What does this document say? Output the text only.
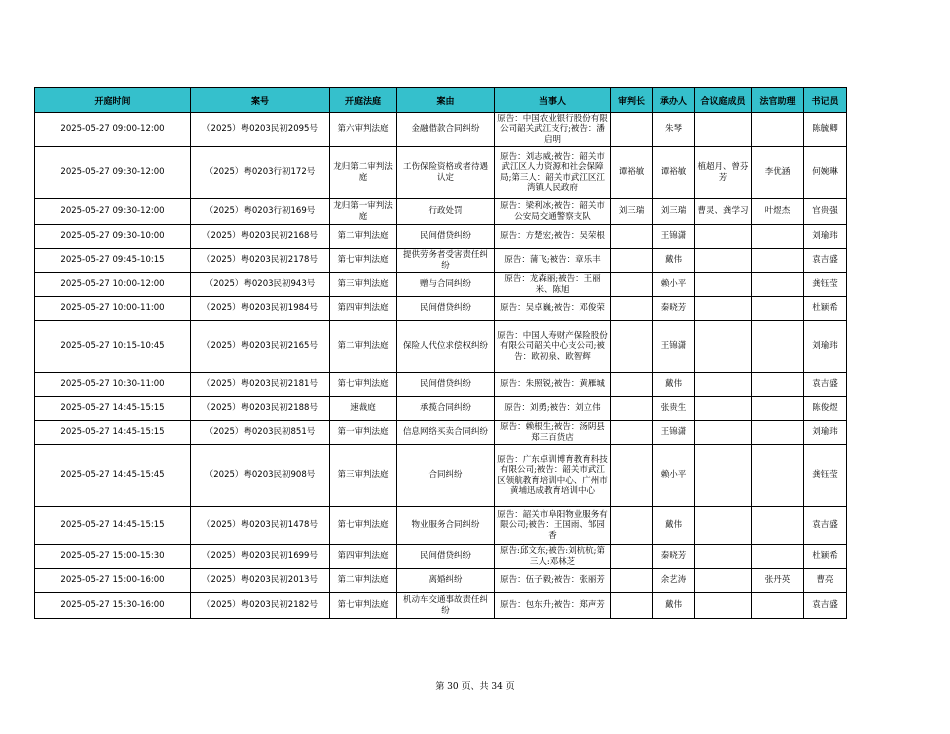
开庭时间	案号	开庭法庭	案由	当事人	审判长	承办人	合议庭成员	法官助理	书记员
2025-05-27 09:00-12:00	（2025）粤0203民初2095号	第六审判法庭	金融借款合同纠纷	原告：中国农业银行股份有限公司韶关武江支行;被告：潘启明		朱琴			陈毓卿
2025-05-27 09:30-12:00	（2025）粤0203行初172号	龙归第二审判法庭	工伤保险资格或者待遇认定	原告：刘志威;被告：韶关市武江区人力资源和社会保障局;第三人：韶关市武江区江湾镇人民政府	谭裕敏	谭裕敏	植超月、曾芬芳	李优涵	何婉琳
2025-05-27 09:30-12:00	（2025）粤0203行初169号	龙归第一审判法庭	行政处罚	原告：梁利冰;被告：韶关市公安局交通警察支队	刘三瑞	刘三瑞	曹灵、龚学习	叶煜杰	官贵强
2025-05-27 09:30-10:00	（2025）粤0203民初2168号	第二审判法庭	民间借贷纠纷	原告：方楚宏;被告：吴荣根		王锦潇			刘瑜玮
2025-05-27 09:45-10:15	（2025）粤0203民初2178号	第七审判法庭	提供劳务者受害责任纠纷	原告：蒲飞;被告：章乐丰		戴伟			袁吉盛
2025-05-27 10:00-12:00	（2025）粤0203民初943号	第三审判法庭	赠与合同纠纷	原告：龙森丽;被告：王丽米、陈旭		赖小平			龚钰莹
2025-05-27 10:00-11:00	（2025）粤0203民初1984号	第四审判法庭	民间借贷纠纷	原告：吴卓巍;被告：邓俊荣		秦晓芳			杜颖希
2025-05-27 10:15-10:45	（2025）粤0203民初2165号	第二审判法庭	保险人代位求偿权纠纷	原告：中国人寿财产保险股份有限公司韶关中心支公司;被告：欧初泉、欧智辉		王锦潇			刘瑜玮
2025-05-27 10:30-11:00	（2025）粤0203民初2181号	第七审判法庭	民间借贷纠纷	原告：朱照锐;被告：黄雁城		戴伟			袁吉盛
2025-05-27 14:45-15:15	（2025）粤0203民初2188号	速裁庭	承揽合同纠纷	原告：刘勇;被告：刘立伟		张贵生			陈俊煜
2025-05-27 14:45-15:15	（2025）粤0203民初851号	第一审判法庭	信息网络买卖合同纠纷	原告：赖根生;被告：汤阴县郑三百货店		王锦潇			刘瑜玮
2025-05-27 14:45-15:45	（2025）粤0203民初908号	第三审判法庭	合同纠纷	原告：广东卓训博育教育科技有限公司;被告：韶关市武江区领航教育培训中心、广州市黄埔迅成教育培训中心		赖小平			龚钰莹
2025-05-27 14:45-15:15	（2025）粤0203民初1478号	第七审判法庭	物业服务合同纠纷	原告：韶关市阜阳物业服务有限公司;被告：王国雨、邹园香		戴伟			袁吉盛
2025-05-27 15:00-15:30	（2025）粤0203民初1699号	第四审判法庭	民间借贷纠纷	原告:邱文东;被告:刘杭杭;第三人:邓林芝		秦晓芳			杜颖希
2025-05-27 15:00-16:00	（2025）粤0203民初2013号	第二审判法庭	离婚纠纷	原告：伍子毅;被告：张丽芳		余艺涛		张丹英	曹亮
2025-05-27 15:30-16:00	（2025）粤0203民初2182号	第七审判法庭	机动车交通事故责任纠纷	原告：包东升;被告：郑声芳		戴伟			袁吉盛
第 30 页、共 34 页
